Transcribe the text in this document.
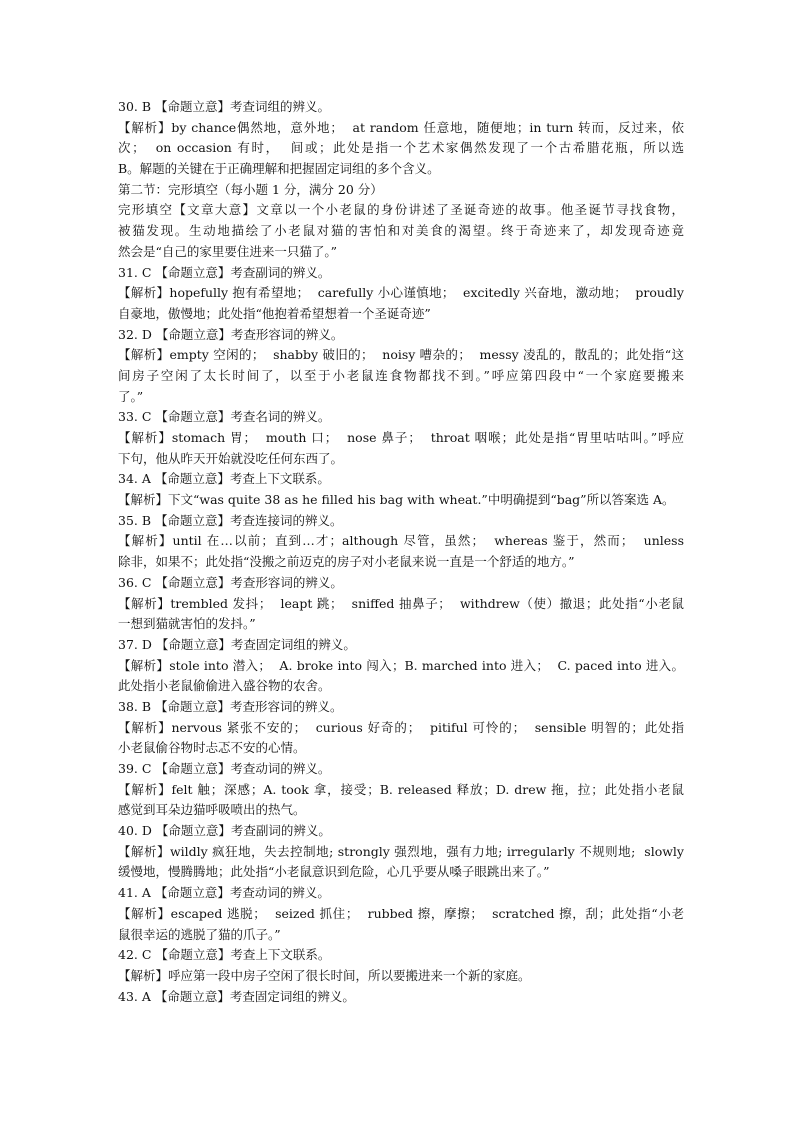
30. B 【命题立意】考查词组的辨义。
【解析】by chance偶然地，意外地；  at random 任意地，随便地；in turn 转而，反过来，依
次；  on occasion 有时，  间或；此处是指一个艺术家偶然发现了一个古希腊花瓶，所以选
B。解题的关键在于正确理解和把握固定词组的多个含义。
第二节：完形填空（每小题 1 分，满分 20 分）
完形填空【文章大意】文章以一个小老鼠的身份讲述了圣诞奇迹的故事。他圣诞节寻找食物，
被猫发现。生动地描绘了小老鼠对猫的害怕和对美食的渴望。终于奇迹来了，却发现奇迹竟
然会是“自己的家里要住进来一只猫了。”
31. C 【命题立意】考查副词的辨义。
【解析】hopefully 抱有希望地；  carefully 小心谨慎地；  excitedly 兴奋地，激动地；  proudly
自豪地，傲慢地；此处指“他抱着希望想着一个圣诞奇迹”
32. D 【命题立意】考查形容词的辨义。
【解析】empty 空闲的；  shabby 破旧的；  noisy 嘈杂的；  messy 凌乱的，散乱的；此处指“这
间房子空闲了太长时间了，以至于小老鼠连食物都找不到。”呼应第四段中“一个家庭要搬来
了。”
33. C 【命题立意】考查名词的辨义。
【解析】stomach 胃；  mouth 口；  nose 鼻子；  throat 咽喉；此处是指“胃里咕咕叫。”呼应
下句，他从昨天开始就没吃任何东西了。
34. A 【命题立意】考查上下文联系。
【解析】下文“was quite 38 as he filled his bag with wheat.”中明确提到“bag”所以答案选 A。
35. B 【命题立意】考查连接词的辨义。
【解析】until 在…以前；直到…才；although 尽管，虽然；  whereas 鉴于，然而；  unless
除非，如果不；此处指“没搬之前迈克的房子对小老鼠来说一直是一个舒适的地方。”
36. C 【命题立意】考查形容词的辨义。
【解析】trembled 发抖；  leapt 跳；  sniffed 抽鼻子；  withdrew（使）撤退；此处指“小老鼠
一想到猫就害怕的发抖。”
37. D 【命题立意】考查固定词组的辨义。
【解析】stole into 潜入；  A. broke into 闯入；B. marched into 进入；  C. paced into 进入。
此处指小老鼠偷偷进入盛谷物的农舍。
38. B 【命题立意】考查形容词的辨义。
【解析】nervous 紧张不安的；  curious 好奇的；  pitiful 可怜的；  sensible 明智的；此处指
小老鼠偷谷物时忐忑不安的心情。
39. C 【命题立意】考查动词的辨义。
【解析】felt 触；深感；A. took 拿，接受；B. released 释放；D. drew 拖，拉；此处指小老鼠
感觉到耳朵边猫呼吸喷出的热气。
40. D 【命题立意】考查副词的辨义。
【解析】wildly 疯狂地，失去控制地; strongly 强烈地，强有力地; irregularly 不规则地;  slowly
缓慢地，慢腾腾地；此处指“小老鼠意识到危险，心几乎要从嗓子眼跳出来了。”
41. A 【命题立意】考查动词的辨义。
【解析】escaped 逃脱；  seized 抓住；  rubbed 擦，摩擦；  scratched 擦，刮；此处指“小老
鼠很幸运的逃脱了猫的爪子。”
42. C 【命题立意】考查上下文联系。
【解析】呼应第一段中房子空闲了很长时间，所以要搬进来一个新的家庭。
43. A 【命题立意】考查固定词组的辨义。
